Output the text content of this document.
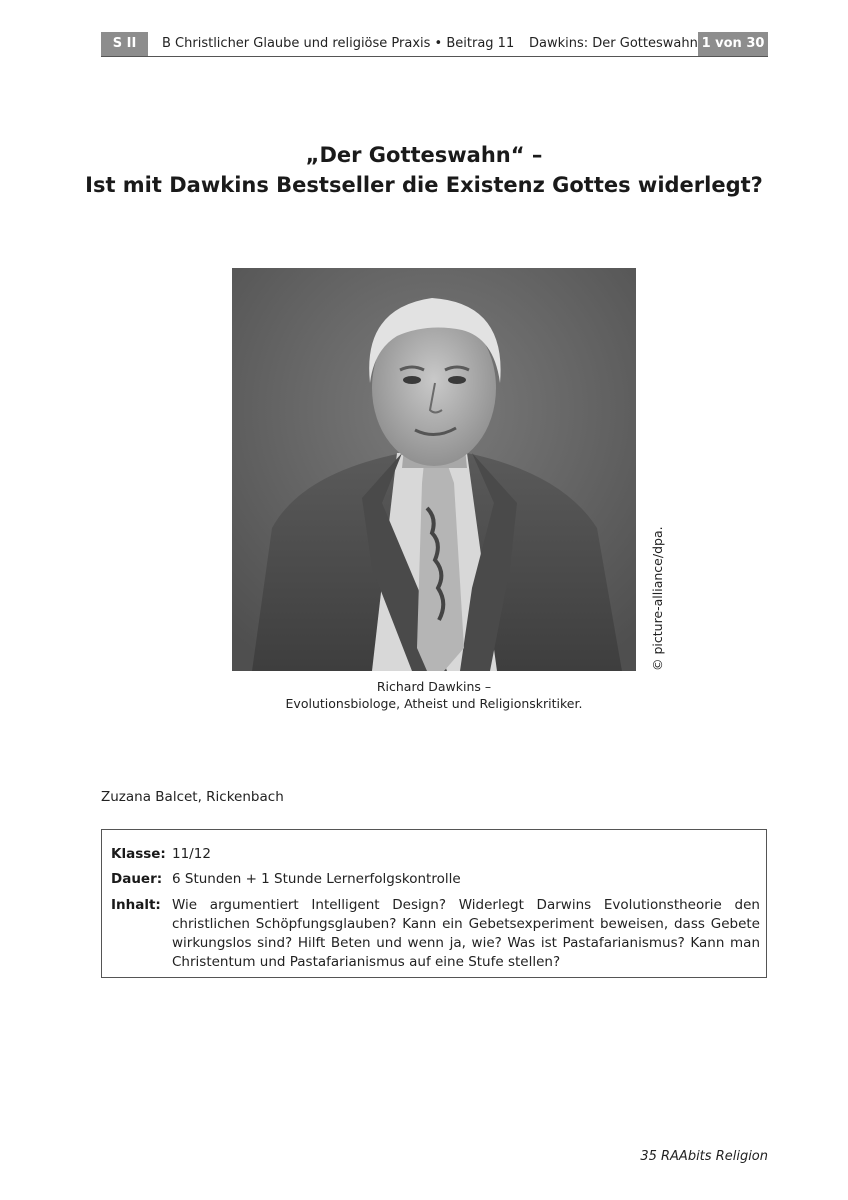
S II	B Christlicher Glaube und religiöse Praxis • Beitrag 11 Dawkins: Der Gotteswahn 1 von 30
„Der Gotteswahn“ –
Ist mit Dawkins Bestseller die Existenz Gottes widerlegt?
© picture-alliance/dpa.
Richard Dawkins –
Evolutionsbiologe, Atheist und Religionskritiker.
Zuzana Balcet, Rickenbach
Klasse: 11/12
Dauer: 6 Stunden + 1 Stunde Lernerfolgskontrolle
Inhalt: Wie argumentiert Intelligent Design? Widerlegt Darwins Evolutionstheorie den christlichen Schöpfungsglauben? Kann ein Gebetsexperiment beweisen, dass Gebete wirkungslos sind? Hilft Beten und wenn ja, wie? Was ist Pastafarianismus? Kann man Christentum und Pastafarianismus auf eine Stufe stellen?
35 RAAbits Religion
